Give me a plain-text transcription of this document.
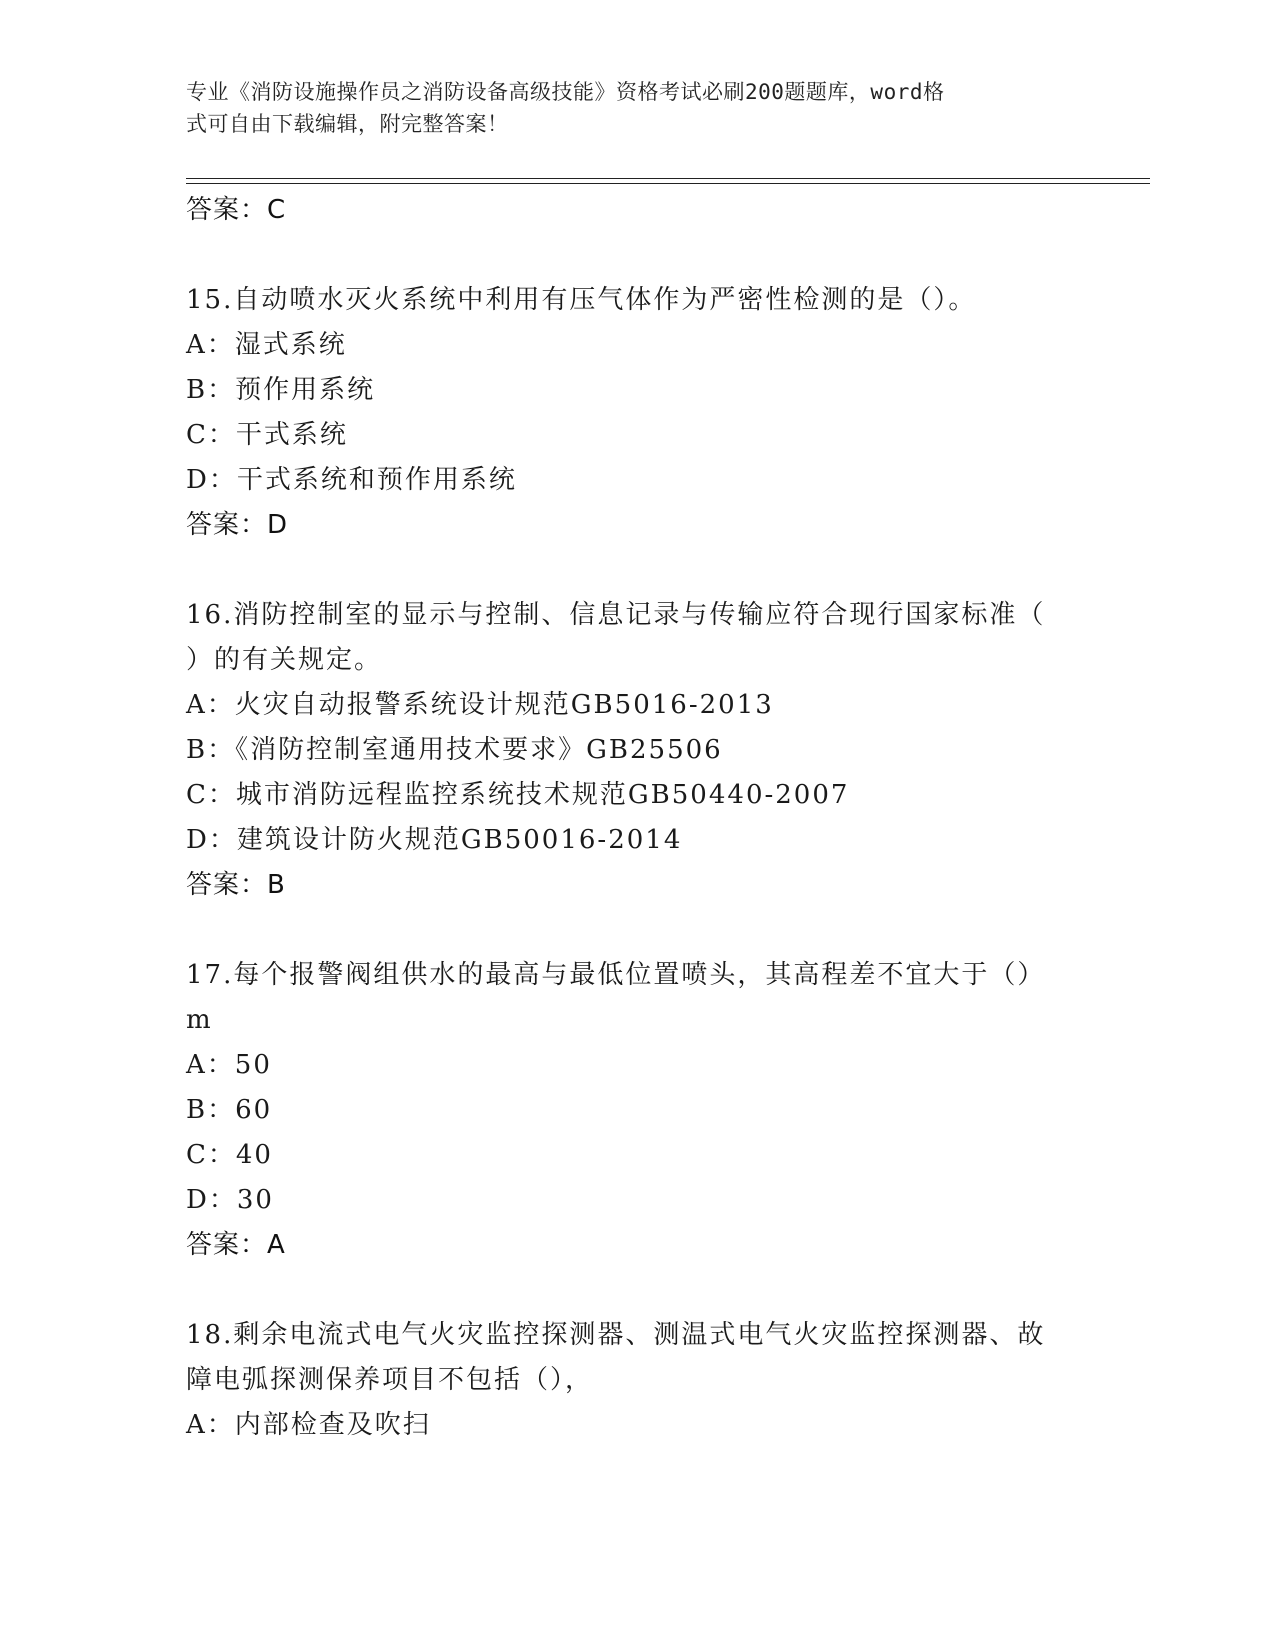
专业《消防设施操作员之消防设备高级技能》资格考试必刷200题题库，word格
式可自由下载编辑，附完整答案！
答案：C
15.自动喷水灭火系统中利用有压气体作为严密性检测的是（）。
A：湿式系统
B：预作用系统
C：干式系统
D：干式系统和预作用系统
答案：D
16.消防控制室的显示与控制、信息记录与传输应符合现行国家标准（
）的有关规定。
A：火灾自动报警系统设计规范GB5016-2013
B：《消防控制室通用技术要求》GB25506
C：城市消防远程监控系统技术规范GB50440-2007
D：建筑设计防火规范GB50016-2014
答案：B
17.每个报警阀组供水的最高与最低位置喷头，其高程差不宜大于（）
m
A：50
B：60
C：40
D：30
答案：A
18.剩余电流式电气火灾监控探测器、测温式电气火灾监控探测器、故
障电弧探测保养项目不包括（），
A：内部检查及吹扫
